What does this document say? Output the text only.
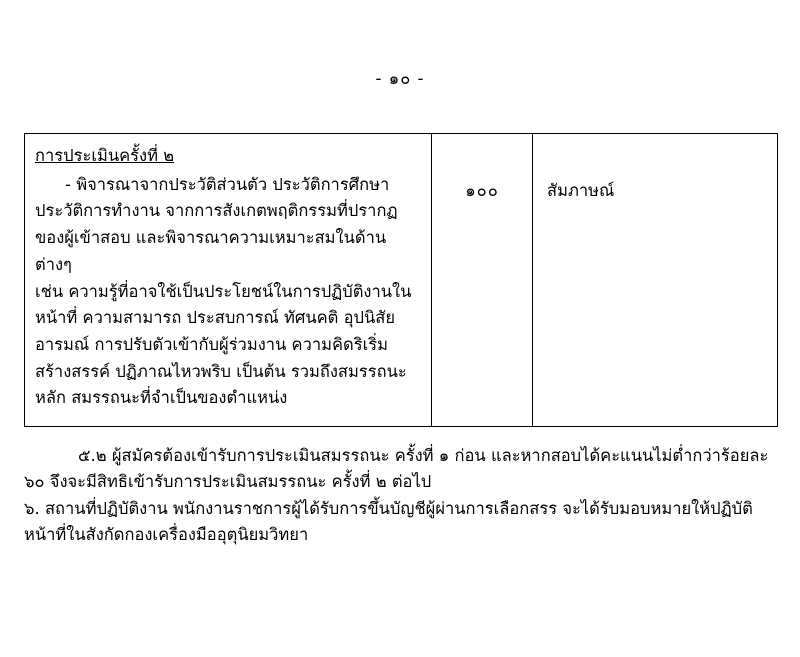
- ๑๐ -
การประเมินครั้งที่ ๒
- พิจารณาจากประวัติส่วนตัว ประวัติการศึกษา
ประวัติการทำงาน จากการสังเกตพฤติกรรมที่ปรากฏ
ของผู้เข้าสอบ และพิจารณาความเหมาะสมในด้านต่างๆ
เช่น ความรู้ที่อาจใช้เป็นประโยชน์ในการปฏิบัติงานใน
หน้าที่ ความสามารถ ประสบการณ์ ทัศนคติ อุปนิสัย
อารมณ์ การปรับตัวเข้ากับผู้ร่วมงาน ความคิดริเริ่ม
สร้างสรรค์ ปฏิภาณไหวพริบ เป็นต้น รวมถึงสมรรถนะ
หลัก สมรรถนะที่จำเป็นของตำแหน่ง

๑๐๐	สัมภาษณ์
๕.๒ ผู้สมัครต้องเข้ารับการประเมินสมรรถนะ ครั้งที่ ๑ ก่อน และหากสอบได้คะแนนไม่ต่ำกว่าร้อยละ
๖๐ จึงจะมีสิทธิเข้ารับการประเมินสมรรถนะ ครั้งที่ ๒ ต่อไป
๖. สถานที่ปฏิบัติงาน พนักงานราชการผู้ได้รับการขึ้นบัญชีผู้ผ่านการเลือกสรร จะได้รับมอบหมายให้ปฏิบัติ
หน้าที่ในสังกัดกองเครื่องมืออุตุนิยมวิทยา
